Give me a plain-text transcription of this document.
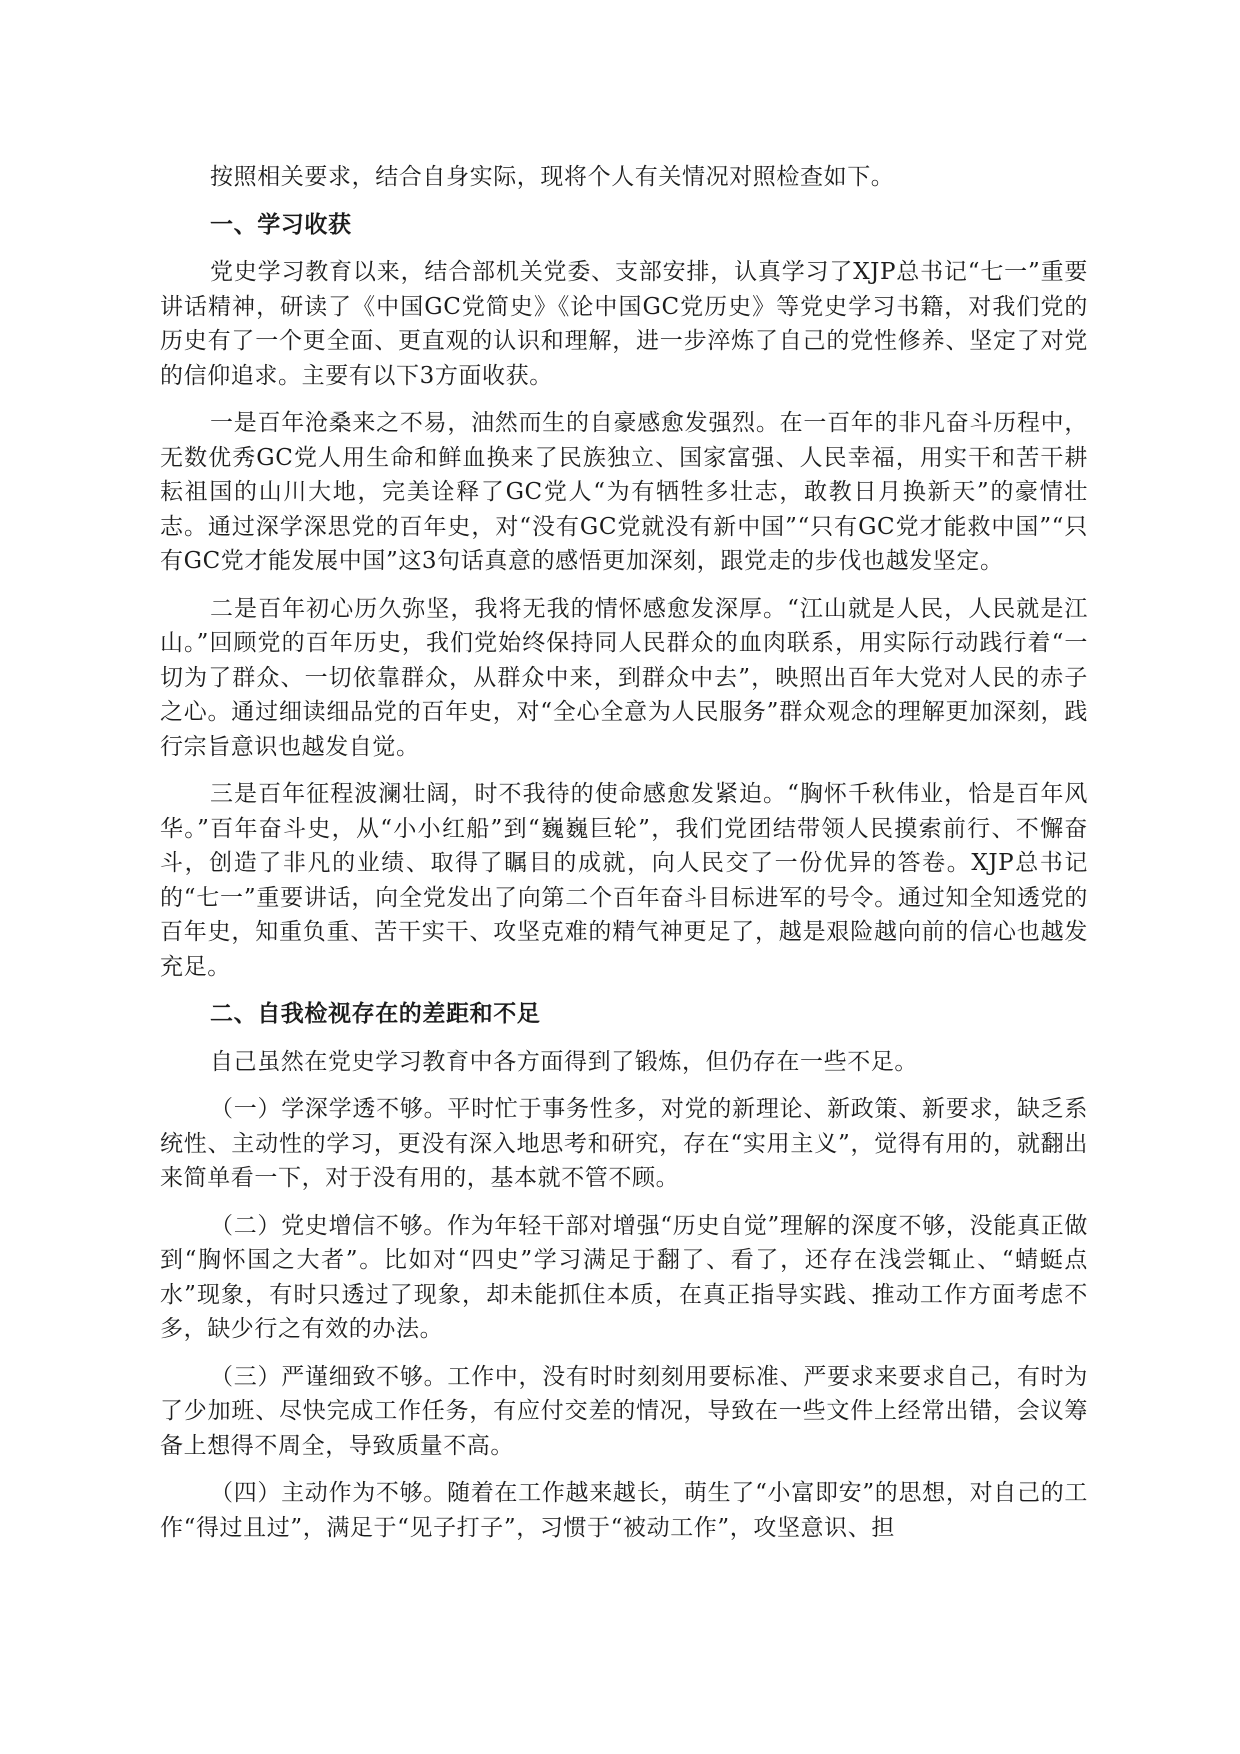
按照相关要求，结合自身实际，现将个人有关情况对照检查如下。

一、学习收获

党史学习教育以来，结合部机关党委、支部安排，认真学习了XJP总书记“七一”重要讲话精神，研读了《中国GC党简史》《论中国GC党历史》等党史学习书籍，对我们党的历史有了一个更全面、更直观的认识和理解，进一步淬炼了自己的党性修养、坚定了对党的信仰追求。主要有以下3方面收获。

一是百年沧桑来之不易，油然而生的自豪感愈发强烈。在一百年的非凡奋斗历程中，无数优秀GC党人用生命和鲜血换来了民族独立、国家富强、人民幸福，用实干和苦干耕耘祖国的山川大地，完美诠释了GC党人“为有牺牲多壮志，敢教日月换新天”的豪情壮志。通过深学深思党的百年史，对“没有GC党就没有新中国”“只有GC党才能救中国”“只有GC党才能发展中国”这3句话真意的感悟更加深刻，跟党走的步伐也越发坚定。

二是百年初心历久弥坚，我将无我的情怀感愈发深厚。“江山就是人民，人民就是江山。”回顾党的百年历史，我们党始终保持同人民群众的血肉联系，用实际行动践行着“一切为了群众、一切依靠群众，从群众中来，到群众中去”，映照出百年大党对人民的赤子之心。通过细读细品党的百年史，对“全心全意为人民服务”群众观念的理解更加深刻，践行宗旨意识也越发自觉。

三是百年征程波澜壮阔，时不我待的使命感愈发紧迫。“胸怀千秋伟业，恰是百年风华。”百年奋斗史，从“小小红船”到“巍巍巨轮”，我们党团结带领人民摸索前行、不懈奋斗，创造了非凡的业绩、取得了瞩目的成就，向人民交了一份优异的答卷。XJP总书记的“七一”重要讲话，向全党发出了向第二个百年奋斗目标进军的号令。通过知全知透党的百年史，知重负重、苦干实干、攻坚克难的精气神更足了，越是艰险越向前的信心也越发充足。

二、自我检视存在的差距和不足

自己虽然在党史学习教育中各方面得到了锻炼，但仍存在一些不足。

（一）学深学透不够。平时忙于事务性多，对党的新理论、新政策、新要求，缺乏系统性、主动性的学习，更没有深入地思考和研究，存在“实用主义”，觉得有用的，就翻出来简单看一下，对于没有用的，基本就不管不顾。

（二）党史增信不够。作为年轻干部对增强“历史自觉”理解的深度不够，没能真正做到“胸怀国之大者”。比如对“四史”学习满足于翻了、看了，还存在浅尝辄止、“蜻蜓点水”现象，有时只透过了现象，却未能抓住本质，在真正指导实践、推动工作方面考虑不多，缺少行之有效的办法。

（三）严谨细致不够。工作中，没有时时刻刻用要标准、严要求来要求自己，有时为了少加班、尽快完成工作任务，有应付交差的情况，导致在一些文件上经常出错，会议筹备上想得不周全，导致质量不高。

（四）主动作为不够。随着在工作越来越长，萌生了“小富即安”的思想，对自己的工作“得过且过”，满足于“见子打子”，习惯于“被动工作”，攻坚意识、担
